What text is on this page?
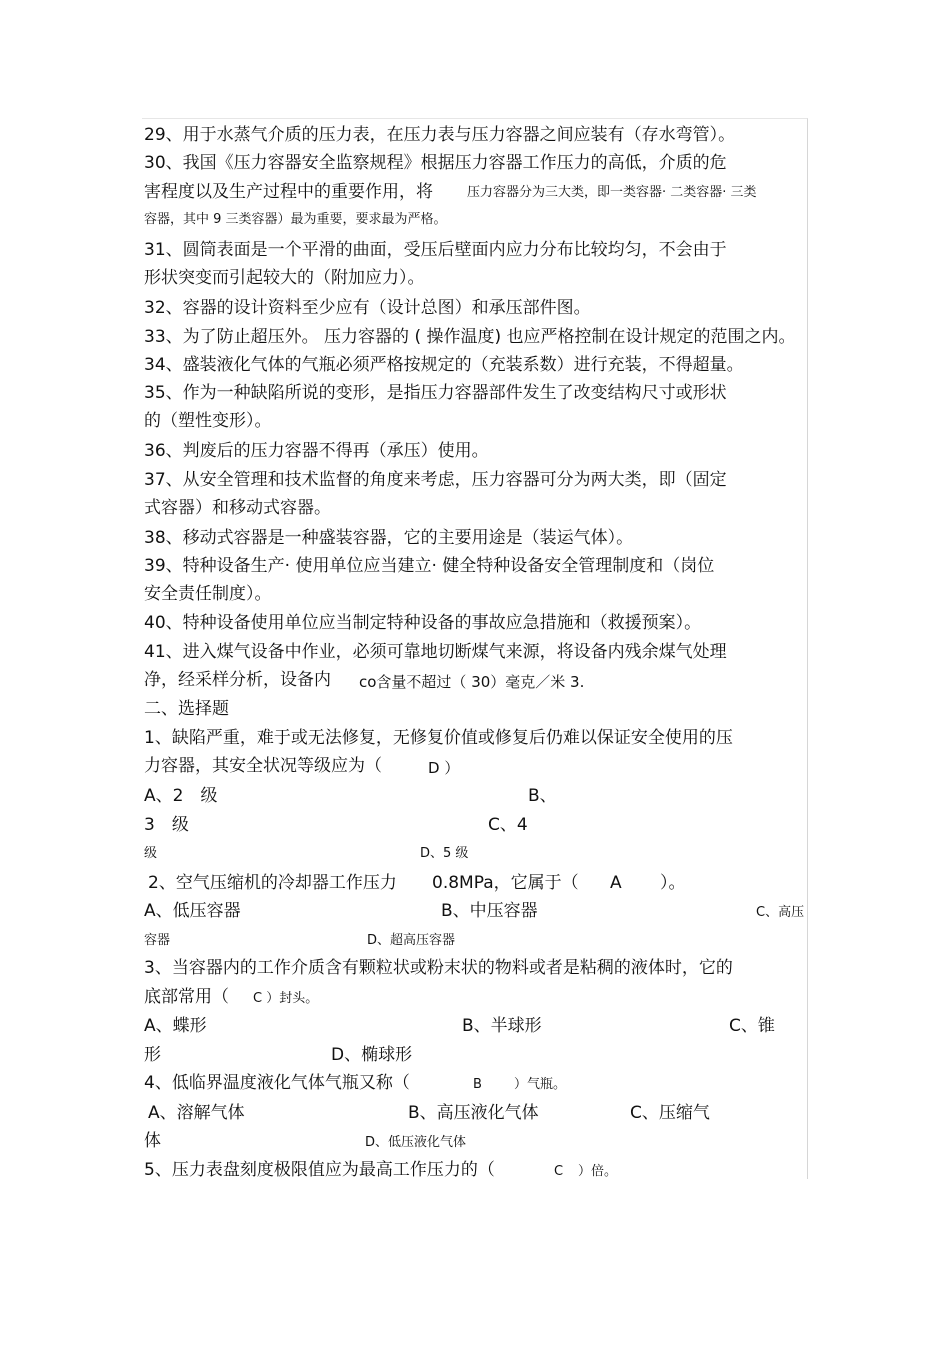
29、用于水蒸气介质的压力表，在压力表与压力容器之间应装有（存水弯管）。
30、我国《压力容器安全监察规程》根据压力容器工作压力的高低，介质的危
害程度以及生产过程中的重要作用，将	压力容器分为三大类，即一类容器· 二类容器· 三类
容器，其中 9 三类容器）最为重要，要求最为严格。
31、圆筒表面是一个平滑的曲面，受压后壁面内应力分布比较均匀，不会由于
形状突变而引起较大的（附加应力）。
32、容器的设计资料至少应有（设计总图）和承压部件图。
33、为了防止超压外。 压力容器的 ( 操作温度) 也应严格控制在设计规定的范围之内。
34、盛装液化气体的气瓶必须严格按规定的（充装系数）进行充装，不得超量。
35、作为一种缺陷所说的变形，是指压力容器部件发生了改变结构尺寸或形状
的（塑性变形）。
36、判废后的压力容器不得再（承压）使用。
37、从安全管理和技术监督的角度来考虑，压力容器可分为两大类，即（固定
式容器）和移动式容器。
38、移动式容器是一种盛装容器，它的主要用途是（装运气体）。
39、特种设备生产· 使用单位应当建立· 健全特种设备安全管理制度和（岗位
安全责任制度）。
40、特种设备使用单位应当制定特种设备的事故应急措施和（救援预案）。
41、进入煤气设备中作业，必须可靠地切断煤气来源，将设备内残余煤气处理
净，经采样分析，设备内 co含量不超过（ 30）毫克／米 3.
二、选择题
1、缺陷严重，难于或无法修复，无修复价值或修复后仍难以保证安全使用的压
力容器，其安全状况等级应为（	D ）
A、2　级	B、
3　级	C、4
级	D、5 级
2、空气压缩机的冷却器工作压力 0.8MPa，它属于（ A ）。
A、低压容器	B、中压容器	C、高压
容器	D、超高压容器
3、当容器内的工作介质含有颗粒状或粉末状的物料或者是粘稠的液体时，它的
底部常用（ C ）封头。
A、蝶形	B、半球形	C、锥
形	D、椭球形
4、低临界温度液化气体气瓶又称（	B ）气瓶。
A、溶解气体	B、高压液化气体	C、压缩气
体	D、低压液化气体
5、压力表盘刻度极限值应为最高工作压力的（	C ）倍。
